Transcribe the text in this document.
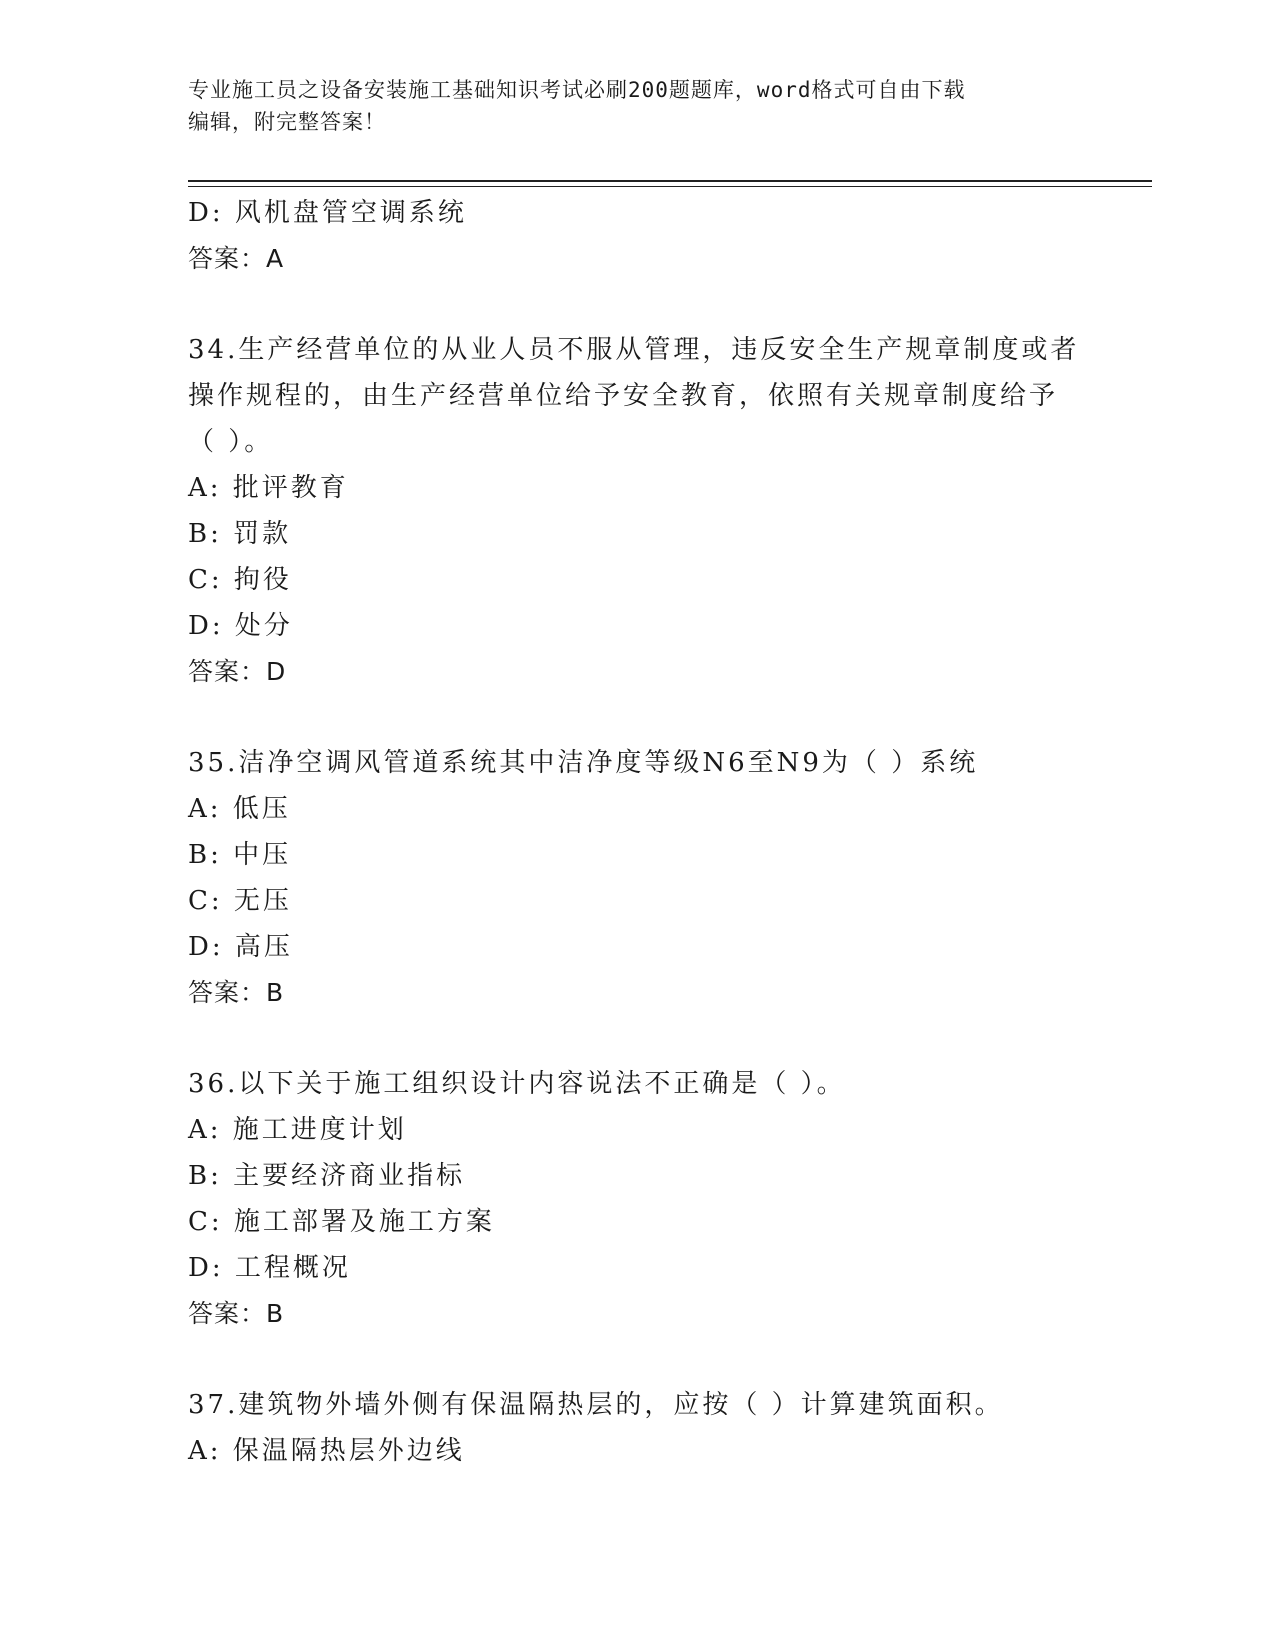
专业施工员之设备安装施工基础知识考试必刷200题题库，word格式可自由下载
编辑，附完整答案！
D: 风机盘管空调系统
答案：A
34.生产经营单位的从业人员不服从管理，违反安全生产规章制度或者
操作规程的，由生产经营单位给予安全教育，依照有关规章制度给予
（ ）。
A: 批评教育
B: 罚款
C: 拘役
D: 处分
答案：D
35.洁净空调风管道系统其中洁净度等级N6至N9为（ ）系统
A: 低压
B: 中压
C: 无压
D: 高压
答案：B
36.以下关于施工组织设计内容说法不正确是（ ）。
A: 施工进度计划
B: 主要经济商业指标
C: 施工部署及施工方案
D: 工程概况
答案：B
37.建筑物外墙外侧有保温隔热层的，应按（ ）计算建筑面积。
A: 保温隔热层外边线
